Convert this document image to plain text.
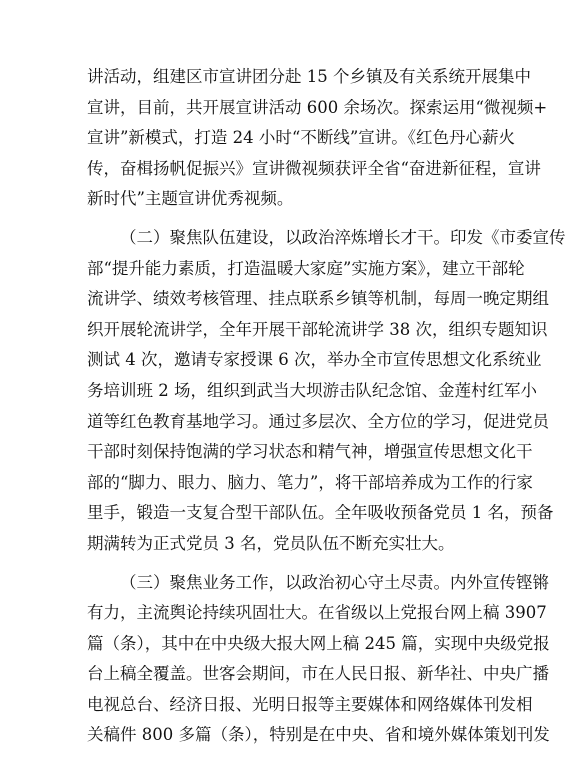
讲活动，组建区市宣讲团分赴 15 个乡镇及有关系统开展集中
宣讲，目前，共开展宣讲活动 600 余场次。探索运用“微视频+
宣讲”新模式，打造 24 小时“不断线”宣讲。《红色丹心薪火
传，奋楫扬帆促振兴》宣讲微视频获评全省“奋进新征程，宣讲
新时代”主题宣讲优秀视频。
（二）聚焦队伍建设，以政治淬炼增长才干。印发《市委宣传
部“提升能力素质，打造温暖大家庭”实施方案》，建立干部轮
流讲学、绩效考核管理、挂点联系乡镇等机制，每周一晚定期组
织开展轮流讲学，全年开展干部轮流讲学 38 次，组织专题知识
测试 4 次，邀请专家授课 6 次，举办全市宣传思想文化系统业
务培训班 2 场，组织到武当大坝游击队纪念馆、金莲村红军小
道等红色教育基地学习。通过多层次、全方位的学习，促进党员
干部时刻保持饱满的学习状态和精气神，增强宣传思想文化干
部的“脚力、眼力、脑力、笔力”，将干部培养成为工作的行家
里手，锻造一支复合型干部队伍。全年吸收预备党员 1 名，预备
期满转为正式党员 3 名，党员队伍不断充实壮大。
（三）聚焦业务工作，以政治初心守土尽责。内外宣传铿锵
有力，主流舆论持续巩固壮大。在省级以上党报台网上稿 3907
篇（条），其中在中央级大报大网上稿 245 篇，实现中央级党报
台上稿全覆盖。世客会期间，市在人民日报、新华社、中央广播
电视总台、经济日报、光明日报等主要媒体和网络媒体刊发相
关稿件 800 多篇（条），特别是在中央、省和境外媒体策划刊发
